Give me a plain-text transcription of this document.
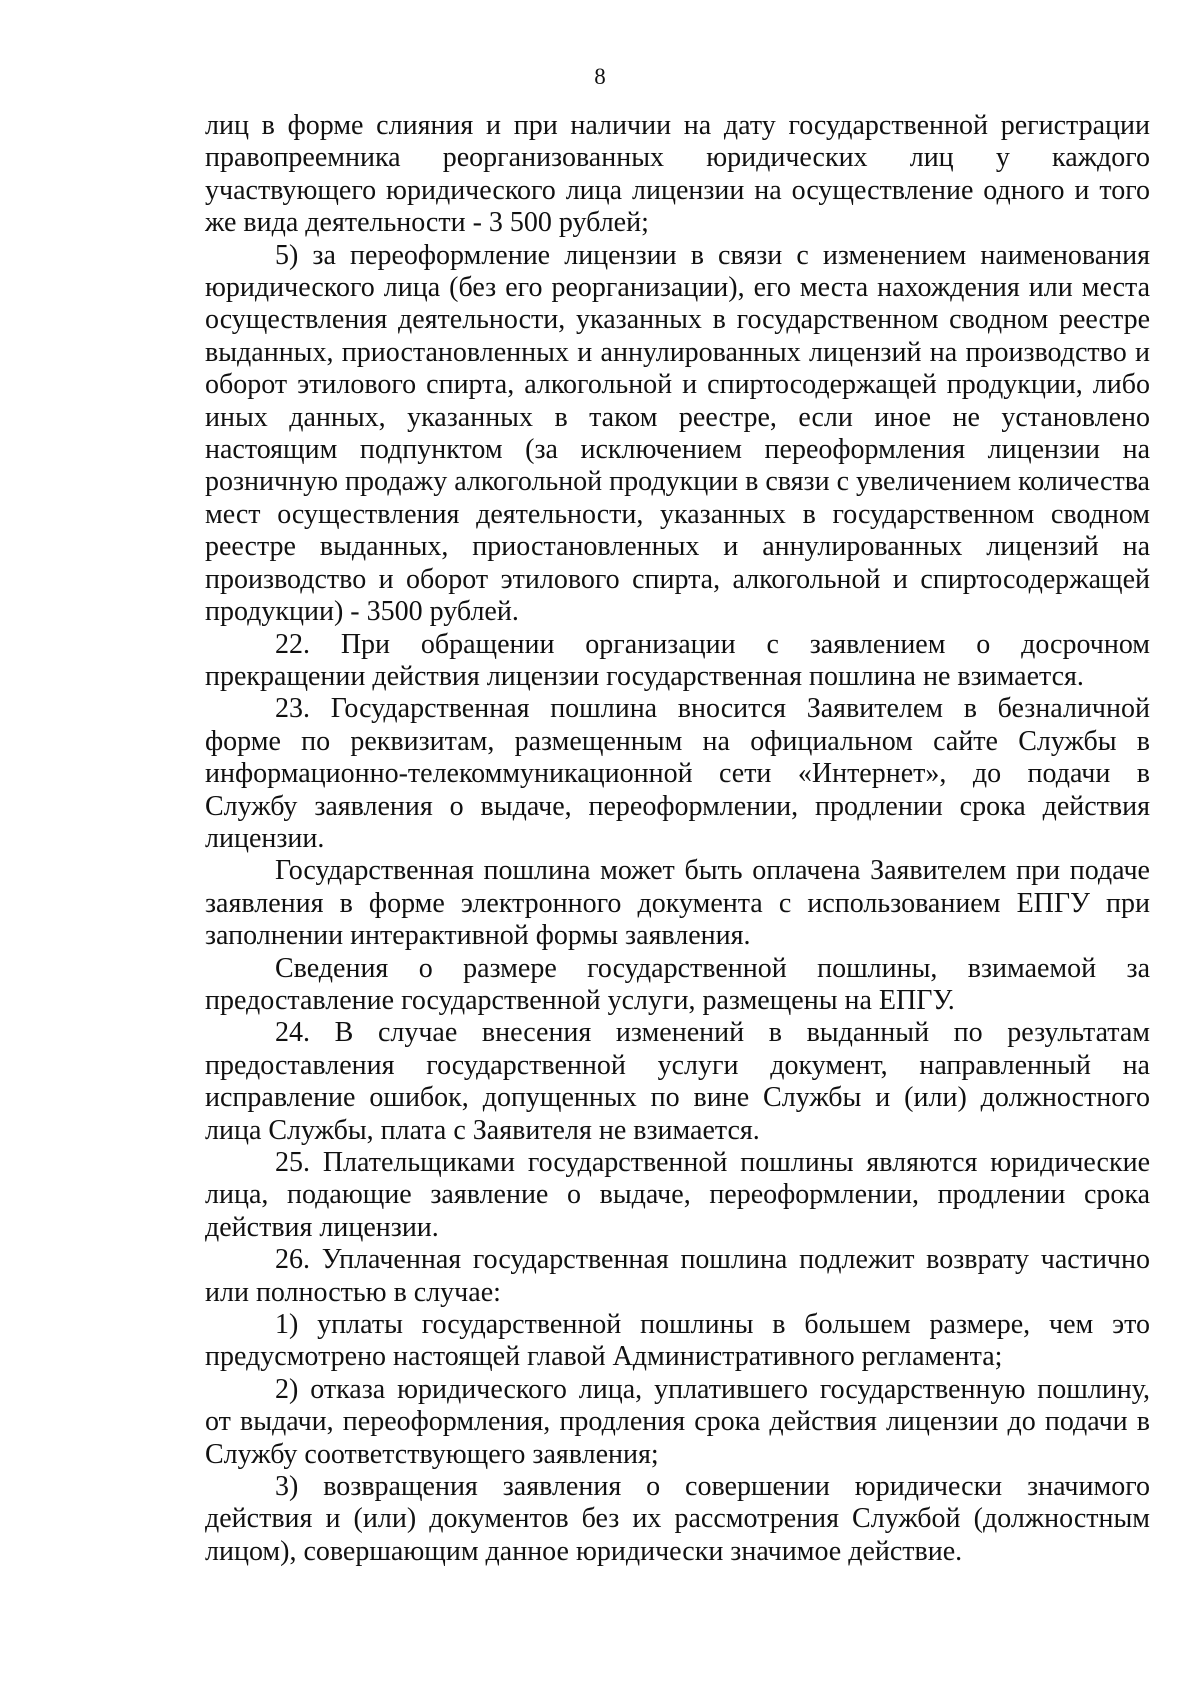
8

лиц в форме слияния и при наличии на дату государственной регистрации правопреемника реорганизованных юридических лиц у каждого участвующего юридического лица лицензии на осуществление одного и того же вида деятельности - 3 500 рублей;

5) за переоформление лицензии в связи с изменением наименования юридического лица (без его реорганизации), его места нахождения или места осуществления деятельности, указанных в государственном сводном реестре выданных, приостановленных и аннулированных лицензий на производство и оборот этилового спирта, алкогольной и спиртосодержащей продукции, либо иных данных, указанных в таком реестре, если иное не установлено настоящим подпунктом (за исключением переоформления лицензии на розничную продажу алкогольной продукции в связи с увеличением количества мест осуществления деятельности, указанных в государственном сводном реестре выданных, приостановленных и аннулированных лицензий на производство и оборот этилового спирта, алкогольной и спиртосодержащей продукции) - 3500 рублей.

22. При обращении организации с заявлением о досрочном прекращении действия лицензии государственная пошлина не взимается.

23. Государственная пошлина вносится Заявителем в безналичной форме по реквизитам, размещенным на официальном сайте Службы в информационно-телекоммуникационной сети «Интернет», до подачи в Службу заявления о выдаче, переоформлении, продлении срока действия лицензии.

Государственная пошлина может быть оплачена Заявителем при подаче заявления в форме электронного документа с использованием ЕПГУ при заполнении интерактивной формы заявления.

Сведения о размере государственной пошлины, взимаемой за предоставление государственной услуги, размещены на ЕПГУ.

24. В случае внесения изменений в выданный по результатам предоставления государственной услуги документ, направленный на исправление ошибок, допущенных по вине Службы и (или) должностного лица Службы, плата с Заявителя не взимается.

25. Плательщиками государственной пошлины являются юридические лица, подающие заявление о выдаче, переоформлении, продлении срока действия лицензии.

26. Уплаченная государственная пошлина подлежит возврату частично или полностью в случае:

1) уплаты государственной пошлины в большем размере, чем это предусмотрено настоящей главой Административного регламента;

2) отказа юридического лица, уплатившего государственную пошлину, от выдачи, переоформления, продления срока действия лицензии до подачи в Службу соответствующего заявления;

3) возвращения заявления о совершении юридически значимого действия и (или) документов без их рассмотрения Службой (должностным лицом), совершающим данное юридически значимое действие.
